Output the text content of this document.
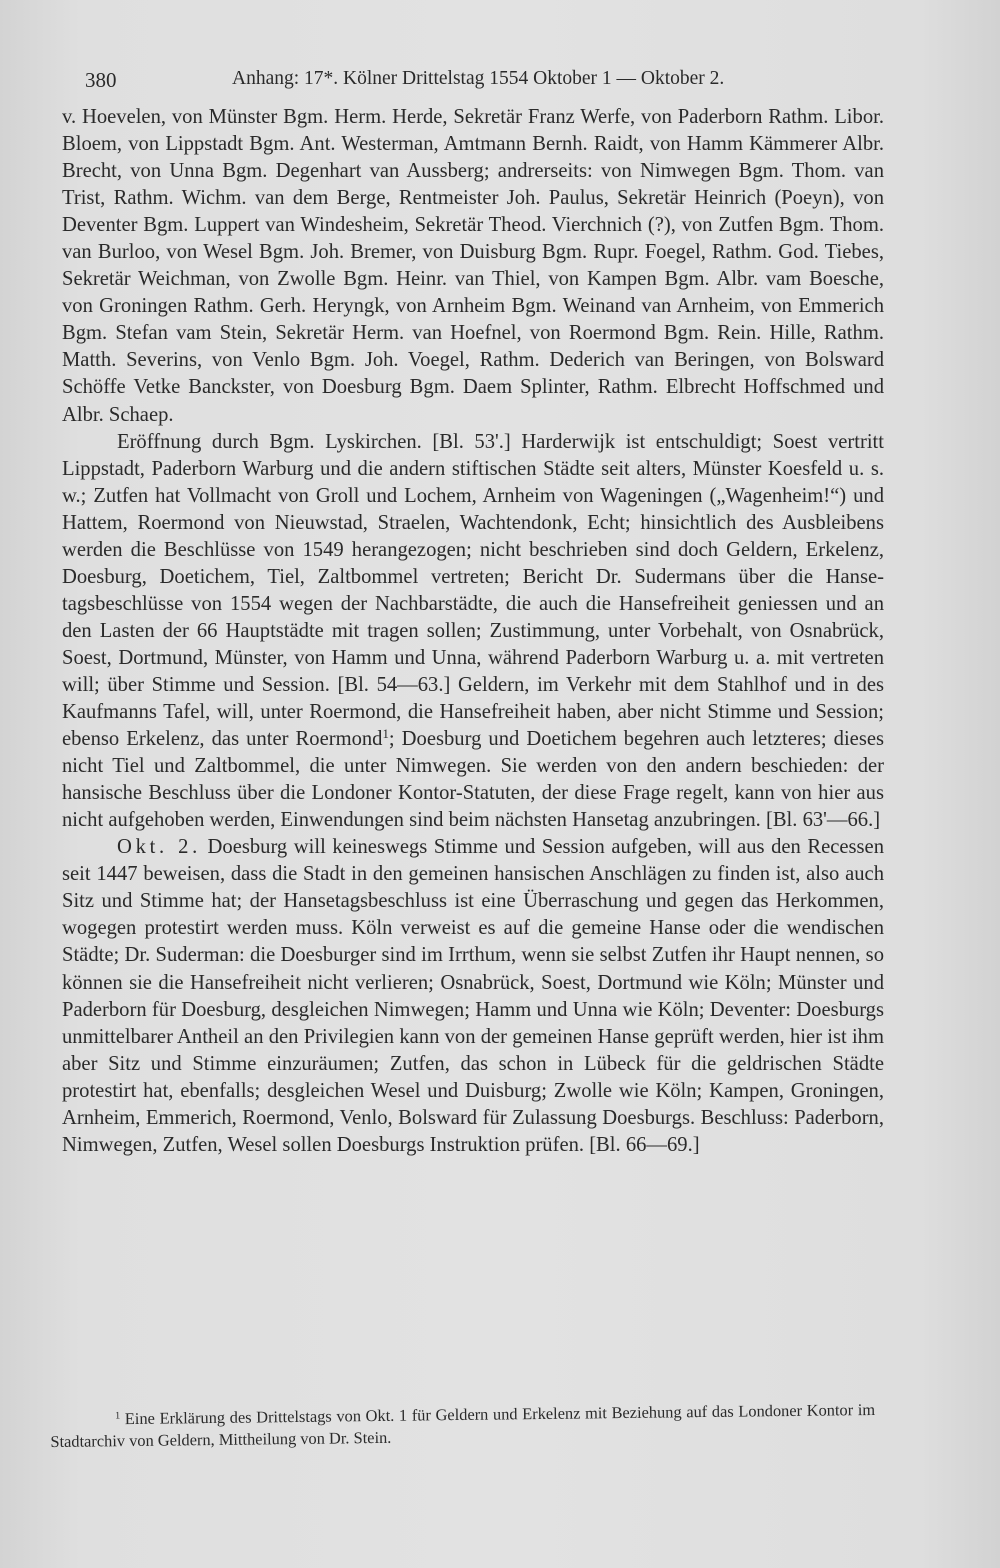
380	Anhang: 17*. Kölner Drittelstag 1554 Oktober 1 — Oktober 2.

v. Hoevelen, von Münster Bgm. Herm. Herde, Sekretär Franz Werfe, von Paderborn Rathm. Libor. Bloem, von Lippstadt Bgm. Ant. Westerman, Amtmann Bernh. Raidt, von Hamm Kämmerer Albr. Brecht, von Unna Bgm. Degenhart van Aussberg; andrerseits: von Nimwegen Bgm. Thom. van Trist, Rathm. Wichm. van dem Berge, Rentmeister Joh. Paulus, Sekretär Heinrich (Poeyn), von Deventer Bgm. Luppert van Windesheim, Sekretär Theod. Vierchnich (?), von Zutfen Bgm. Thom. van Burloo, von Wesel Bgm. Joh. Bremer, von Duisburg Bgm. Rupr. Foegel, Rathm. God. Tiebes, Sekretär Weichman, von Zwolle Bgm. Heinr. van Thiel, von Kampen Bgm. Albr. vam Boesche, von Groningen Rathm. Gerh. Heryngk, von Arnheim Bgm. Weinand van Arnheim, von Emmerich Bgm. Stefan vam Stein, Sekretär Herm. van Hoefnel, von Roermond Bgm. Rein. Hille, Rathm. Matth. Severins, von Venlo Bgm. Joh. Voegel, Rathm. Dederich van Beringen, von Bolsward Schöffe Vetke Banckster, von Doesburg Bgm. Daem Splinter, Rathm. Elbrecht Hoffschmed und Albr. Schaep.

Eröffnung durch Bgm. Lyskirchen. [Bl. 53'.] Harderwijk ist entschuldigt; Soest vertritt Lippstadt, Paderborn Warburg und die andern stiftischen Städte seit alters, Münster Koesfeld u. s. w.; Zutfen hat Vollmacht von Groll und Lochem, Arnheim von Wageningen („Wagenheim!“) und Hattem, Roermond von Nieuwstad, Straelen, Wachtendonk, Echt; hinsichtlich des Ausbleibens werden die Beschlüsse von 1549 herangezogen; nicht beschrieben sind doch Geldern, Erkelenz, Doesburg, Doetichem, Tiel, Zaltbommel vertreten; Bericht Dr. Sudermans über die Hansetagsbeschlüsse von 1554 wegen der Nachbarstädte, die auch die Hansefreiheit geniessen und an den Lasten der 66 Hauptstädte mit tragen sollen; Zustimmung, unter Vorbehalt, von Osnabrück, Soest, Dortmund, Münster, von Hamm und Unna, während Paderborn Warburg u. a. mit vertreten will; über Stimme und Session. [Bl. 54—63.] Geldern, im Verkehr mit dem Stahlhof und in des Kaufmanns Tafel, will, unter Roermond, die Hansefreiheit haben, aber nicht Stimme und Session; ebenso Erkelenz, das unter Roermond$^1$; Doesburg und Doetichem begehren auch letzteres; dieses nicht Tiel und Zaltbommel, die unter Nimwegen. Sie werden von den andern beschieden: der hansische Beschluss über die Londoner Kontor-Statuten, der diese Frage regelt, kann von hier aus nicht aufgehoben werden, Einwendungen sind beim nächsten Hansetag anzubringen. [Bl. 63'—66.]

Okt. 2. Doesburg will keineswegs Stimme und Session aufgeben, will aus den Recessen seit 1447 beweisen, dass die Stadt in den gemeinen hansischen Anschlägen zu finden ist, also auch Sitz und Stimme hat; der Hansetagsbeschluss ist eine Überraschung und gegen das Herkommen, wogegen protestirt werden muss. Köln verweist es auf die gemeine Hanse oder die wendischen Städte; Dr. Suderman: die Doesburger sind im Irrthum, wenn sie selbst Zutfen ihr Haupt nennen, so können sie die Hansefreiheit nicht verlieren; Osnabrück, Soest, Dortmund wie Köln; Münster und Paderborn für Doesburg, desgleichen Nimwegen; Hamm und Unna wie Köln; Deventer: Doesburgs unmittelbarer Antheil an den Privilegien kann von der gemeinen Hanse geprüft werden, hier ist ihm aber Sitz und Stimme einzuräumen; Zutfen, das schon in Lübeck für die geldrischen Städte protestirt hat, ebenfalls; desgleichen Wesel und Duisburg; Zwolle wie Köln; Kampen, Groningen, Arnheim, Emmerich, Roermond, Venlo, Bolsward für Zulassung Doesburgs. Beschluss: Paderborn, Nimwegen, Zutfen, Wesel sollen Doesburgs Instruktion prüfen. [Bl. 66—69.]

$^1$ Eine Erklärung des Drittelstags von Okt. 1 für Geldern und Erkelenz mit Beziehung auf das Londoner Kontor im Stadtarchiv von Geldern, Mittheilung von Dr. Stein.
